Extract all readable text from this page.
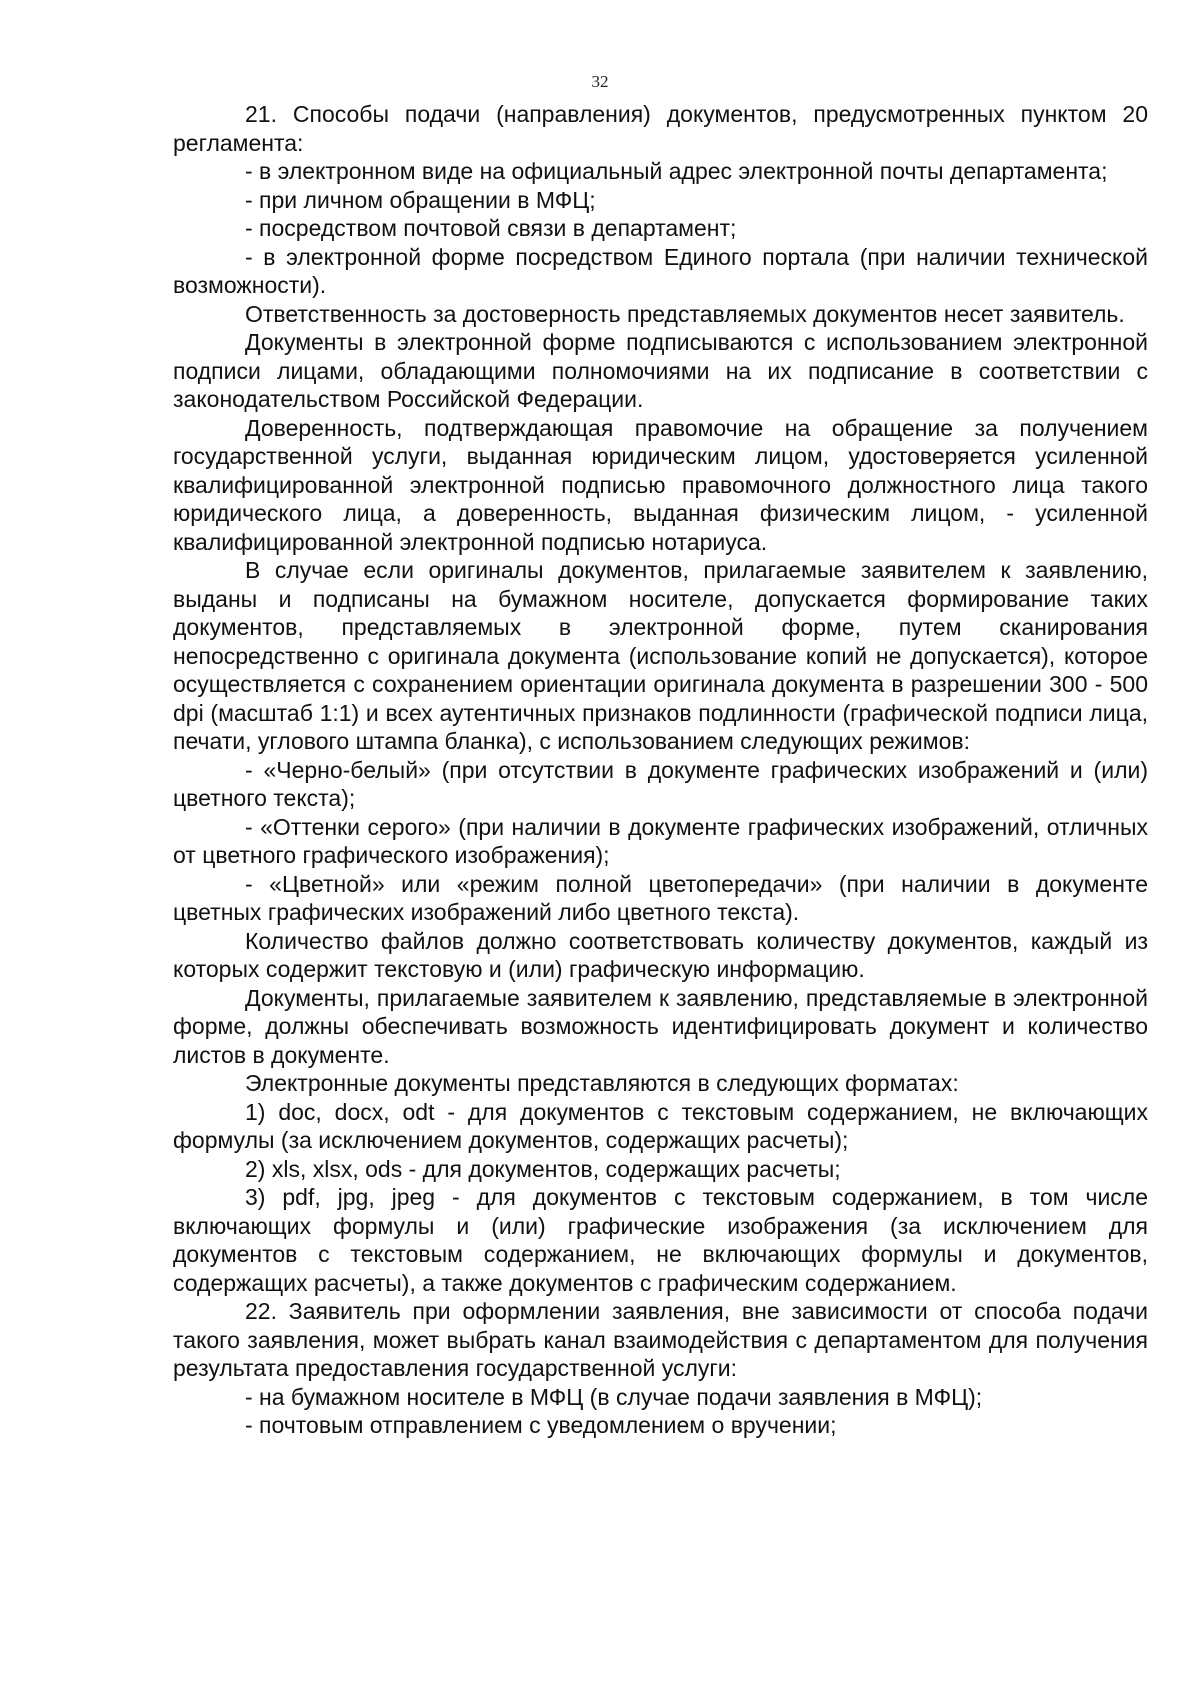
32

21. Способы подачи (направления) документов, предусмотренных пунктом 20 регламента:

- в электронном виде на официальный адрес электронной почты департамента;

- при личном обращении в МФЦ;

- посредством почтовой связи в департамент;

- в электронной форме посредством Единого портала (при наличии технической возможности).

Ответственность за достоверность представляемых документов несет заявитель.

Документы в электронной форме подписываются с использованием электронной подписи лицами, обладающими полномочиями на их подписание в соответствии с законодательством Российской Федерации.

Доверенность, подтверждающая правомочие на обращение за получением государственной услуги, выданная юридическим лицом, удостоверяется усиленной квалифицированной электронной подписью правомочного должностного лица такого юридического лица, а доверенность, выданная физическим лицом, - усиленной квалифицированной электронной подписью нотариуса.

В случае если оригиналы документов, прилагаемые заявителем к заявлению, выданы и подписаны на бумажном носителе, допускается формирование таких документов, представляемых в электронной форме, путем сканирования непосредственно с оригинала документа (использование копий не допускается), которое осуществляется с сохранением ориентации оригинала документа в разрешении 300 - 500 dpi (масштаб 1:1) и всех аутентичных признаков подлинности (графической подписи лица, печати, углового штампа бланка), с использованием следующих режимов:

- «Черно-белый» (при отсутствии в документе графических изображений и (или) цветного текста);

- «Оттенки серого» (при наличии в документе графических изображений, отличных от цветного графического изображения);

- «Цветной» или «режим полной цветопередачи» (при наличии в документе цветных графических изображений либо цветного текста).

Количество файлов должно соответствовать количеству документов, каждый из которых содержит текстовую и (или) графическую информацию.

Документы, прилагаемые заявителем к заявлению, представляемые в электронной форме, должны обеспечивать возможность идентифицировать документ и количество листов в документе.

Электронные документы представляются в следующих форматах:

1) doc, docx, odt - для документов с текстовым содержанием, не включающих формулы (за исключением документов, содержащих расчеты);

2) xls, xlsx, ods - для документов, содержащих расчеты;

3) pdf, jpg, jpeg - для документов с текстовым содержанием, в том числе включающих формулы и (или) графические изображения (за исключением для документов с текстовым содержанием, не включающих формулы и документов, содержащих расчеты), а также документов с графическим содержанием.

22. Заявитель при оформлении заявления, вне зависимости от способа подачи такого заявления, может выбрать канал взаимодействия с департаментом для получения результата предоставления государственной услуги:

- на бумажном носителе в МФЦ (в случае подачи заявления в МФЦ);

- почтовым отправлением с уведомлением о вручении;
